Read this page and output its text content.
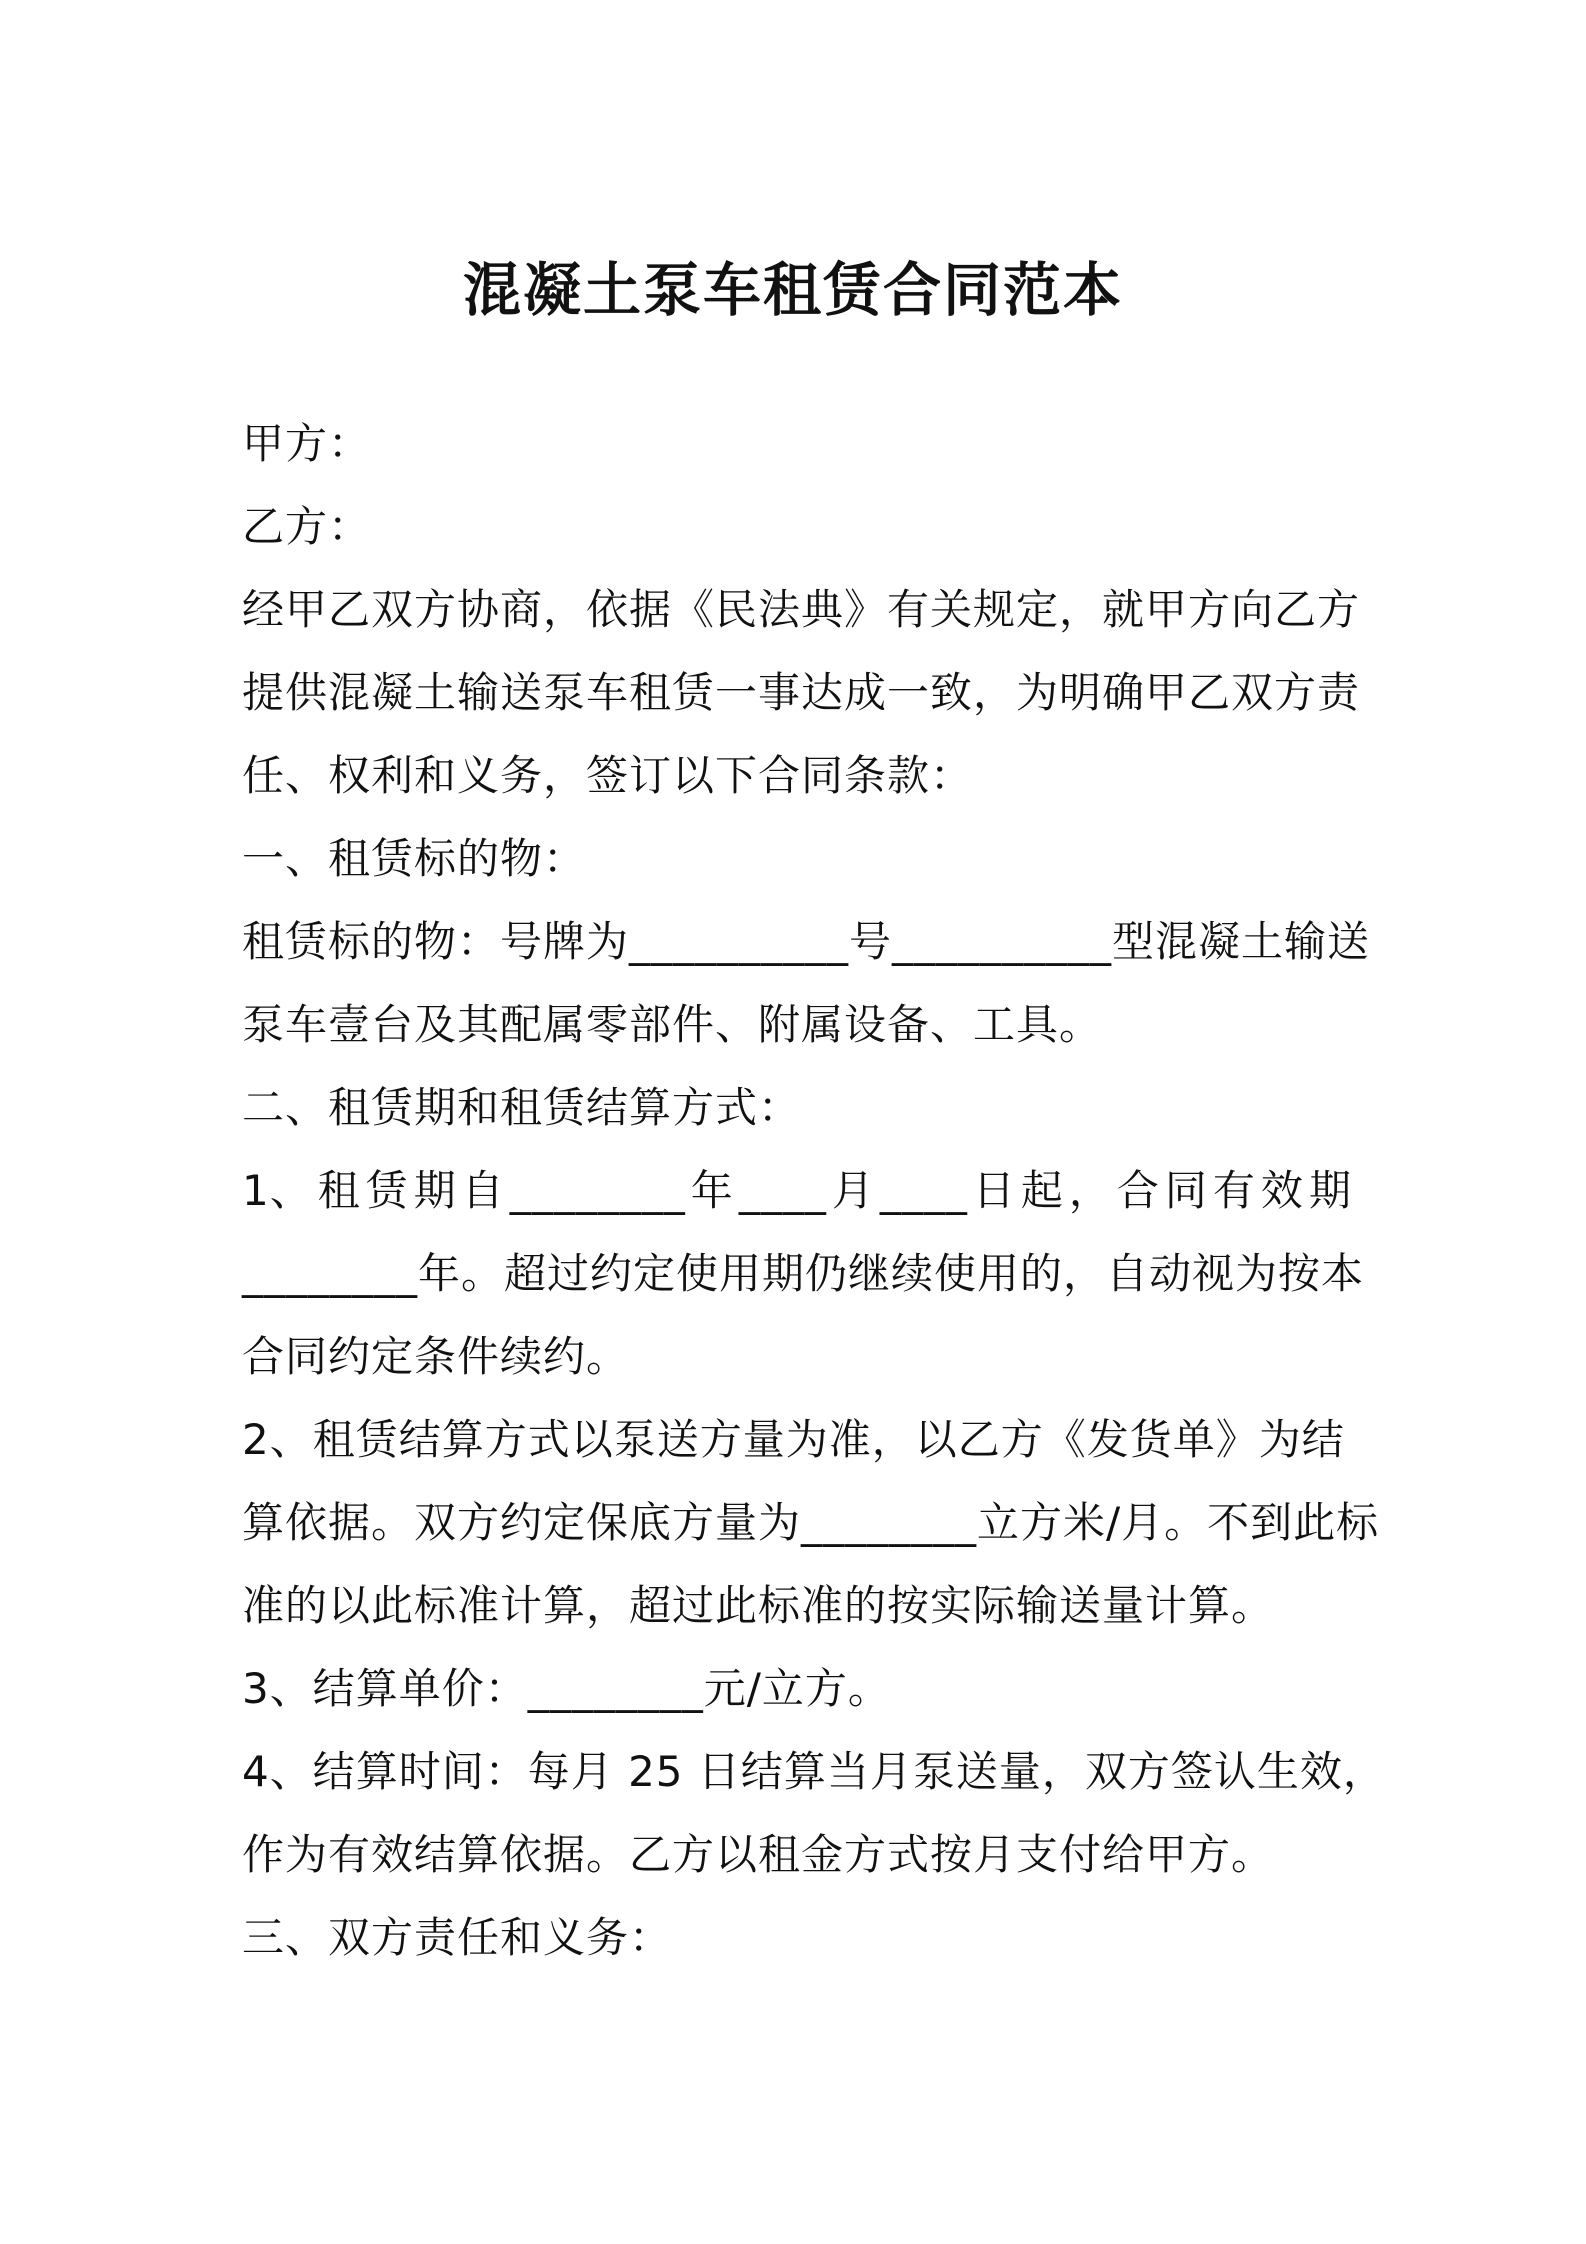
混凝土泵车租赁合同范本

甲方：

乙方：

经甲乙双方协商，依据《民法典》有关规定，就甲方向乙方

提供混凝土输送泵车租赁一事达成一致，为明确甲乙双方责

任、权利和义务，签订以下合同条款：

一、租赁标的物：

租赁标的物：号牌为__________号__________型混凝土输送

泵车壹台及其配属零部件、附属设备、工具。

二、租赁期和租赁结算方式：

1、 租 赁 期 自 ________ 年 ____ 月 ____ 日 起 ， 合 同 有 效 期

________年。超过约定使用期仍继续使用的，自动视为按本

合同约定条件续约。

2、租赁结算方式以泵送方量为准，以乙方《发货单》为结

算依据。双方约定保底方量为________立方米/月。不到此标

准的以此标准计算，超过此标准的按实际输送量计算。

3、结算单价：________元/立方。

4、结算时间：每月 25 日结算当月泵送量，双方签认生效，

作为有效结算依据。乙方以租金方式按月支付给甲方。

三、双方责任和义务：
